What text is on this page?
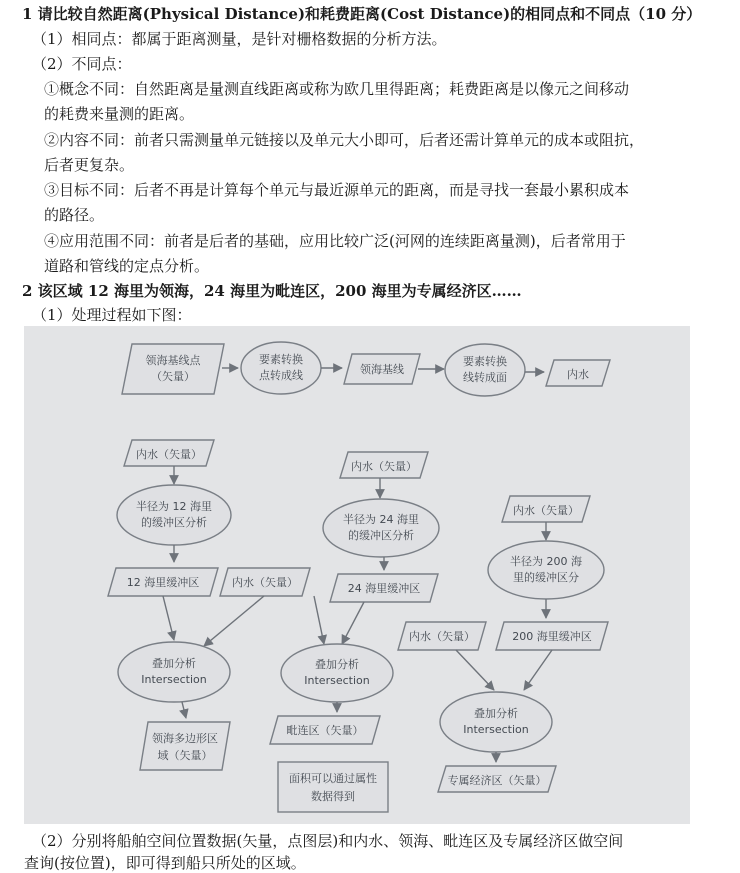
1 请比较自然距离(Physical Distance)和耗费距离(Cost Distance)的相同点和不同点（10 分）
（1）相同点：都属于距离测量，是针对栅格数据的分析方法。
（2）不同点：
①概念不同：自然距离是量测直线距离或称为欧几里得距离；耗费距离是以像元之间移动
的耗费来量测的距离。
②内容不同：前者只需测量单元链接以及单元大小即可，后者还需计算单元的成本或阻抗，
后者更复杂。
③目标不同：后者不再是计算每个单元与最近源单元的距离，而是寻找一套最小累积成本
的路径。
④应用范围不同：前者是后者的基础，应用比较广泛(河网的连续距离量测)，后者常用于
道路和管线的定点分析。
2 该区域 12 海里为领海，24 海里为毗连区，200 海里为专属经济区……
（1）处理过程如下图：
领海基线点
（矢量）
要素转换
点转成线	领海基线
要素转换
线转成面	内水
内水（矢量）
半径为 12 海里
的缓冲区分析
12 海里缓冲区	内水（矢量）
叠加分析
Intersection
领海多边形区
域（矢量）
内水（矢量）
半径为 24 海里
的缓冲区分析
24 海里缓冲区
叠加分析
Intersection
毗连区（矢量）
面积可以通过属性
数据得到
内水（矢量）
半径为 200 海
里的缓冲区分
200 海里缓冲区
内水（矢量）
叠加分析
Intersection
专属经济区（矢量）
（2）分别将船舶空间位置数据(矢量，点图层)和内水、领海、毗连区及专属经济区做空间
查询(按位置)，即可得到船只所处的区域。
